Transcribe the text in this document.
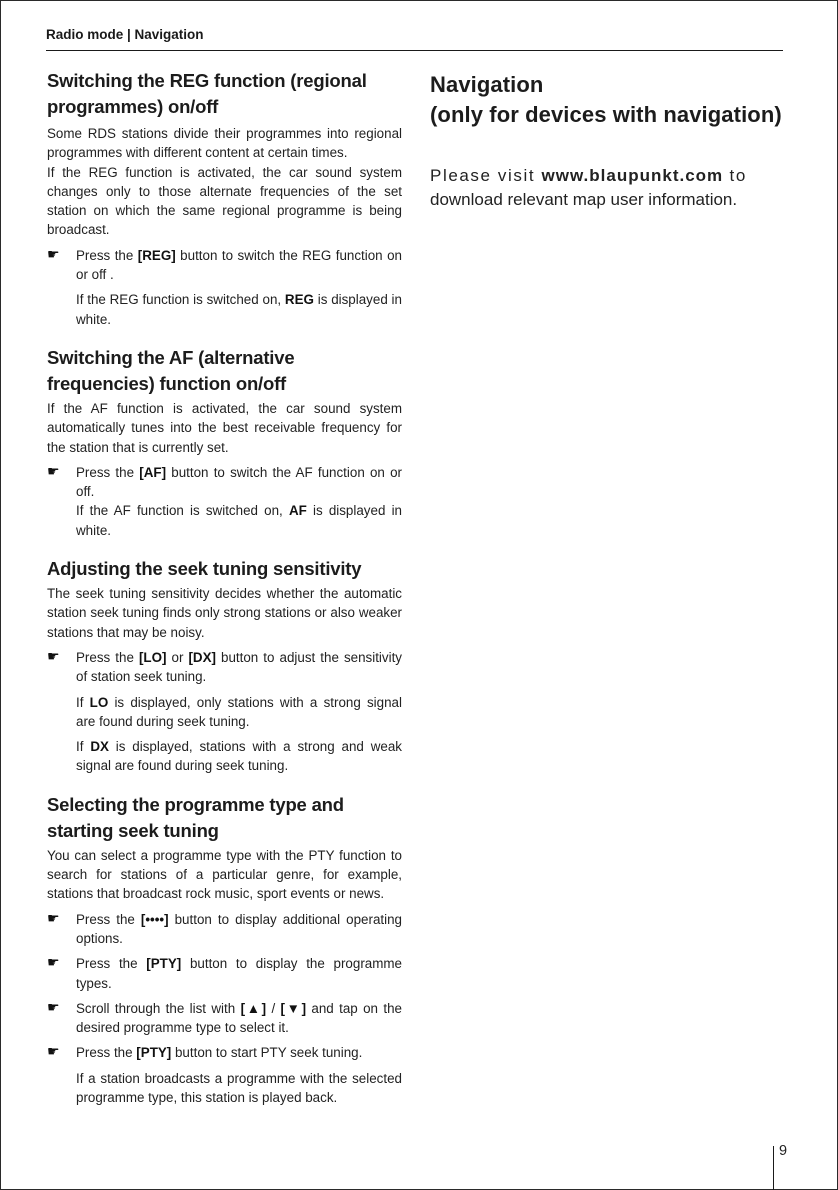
Radio mode | Navigation
Switching the REG function (regional
programmes) on/off

Some RDS stations divide their programmes into regional programmes with different content at certain times.

If the REG function is activated, the car sound system changes only to those alternate frequencies of the set station on which the same regional programme is being broadcast.

☛ Press the [REG] button to switch the REG function on or off .

If the REG function is switched on, REG is displayed in white.

Switching the AF (alternative
frequencies) function on/off

If the AF function is activated, the car sound system automatically tunes into the best receivable frequency for the station that is currently set.

☛ Press the [AF] button to switch the AF function on or off.

If the AF function is switched on, AF is displayed in white.

Adjusting the seek tuning sensitivity

The seek tuning sensitivity decides whether the automatic station seek tuning finds only strong stations or also weaker stations that may be noisy.

☛ Press the [LO] or [DX] button to adjust the sensitivity of station seek tuning.

If LO is displayed, only stations with a strong signal are found during seek tuning.

If DX is displayed, stations with a strong and weak signal are found during seek tuning.

Selecting the programme type and
starting seek tuning

You can select a programme type with the PTY function to search for stations of a particular genre, for example, stations that broadcast rock music, sport events or news.

☛ Press the [••••] button to display additional operating options.

☛ Press the [PTY] button to display the programme types.

☛ Scroll through the list with [▲] / [▼] and tap on the desired programme type to select it.

☛ Press the [PTY] button to start PTY seek tuning.

If a station broadcasts a programme with the selected programme type, this station is played back.

Navigation
(only for devices with navigation)

Please visit www.blaupunkt.com to
download relevant map user information.

9
